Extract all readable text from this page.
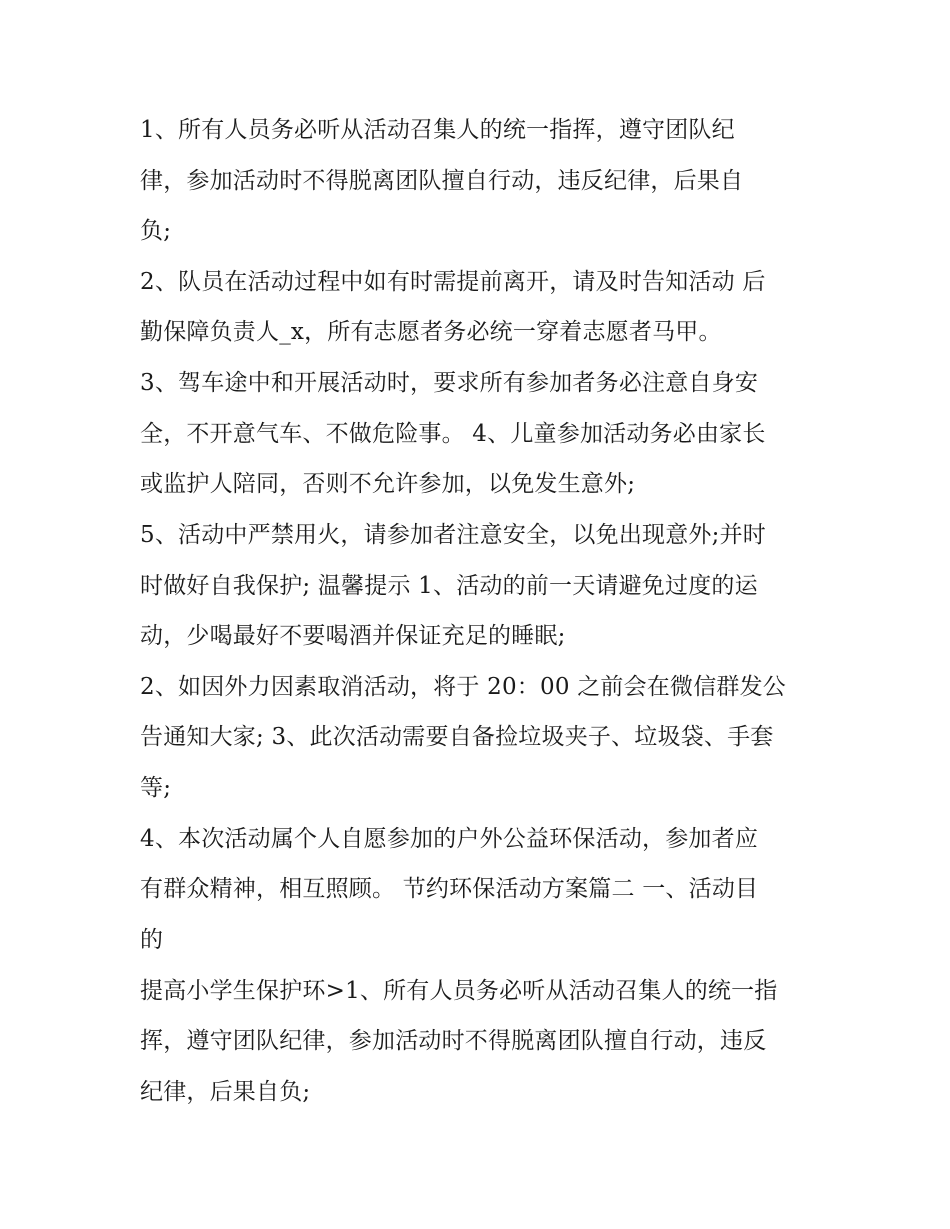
1、所有人员务必听从活动召集人的统一指挥，遵守团队纪
律，参加活动时不得脱离团队擅自行动，违反纪律，后果自
负;
2、队员在活动过程中如有时需提前离开，请及时告知活动 后
勤保障负责人_x，所有志愿者务必统一穿着志愿者马甲。
3、驾车途中和开展活动时，要求所有参加者务必注意自身安
全，不开意气车、不做危险事。 4、儿童参加活动务必由家长
或监护人陪同，否则不允许参加，以免发生意外;
5、活动中严禁用火，请参加者注意安全，以免出现意外;并时
时做好自我保护; 温馨提示 1、活动的前一天请避免过度的运
动，少喝最好不要喝酒并保证充足的睡眠;
2、如因外力因素取消活动，将于 20：00 之前会在微信群发公
告通知大家; 3、此次活动需要自备捡垃圾夹子、垃圾袋、手套
等;
4、本次活动属个人自愿参加的户外公益环保活动，参加者应
有群众精神，相互照顾。 节约环保活动方案篇二 一、活动目
的
提高小学生保护环>1、所有人员务必听从活动召集人的统一指
挥，遵守团队纪律，参加活动时不得脱离团队擅自行动，违反
纪律，后果自负;
